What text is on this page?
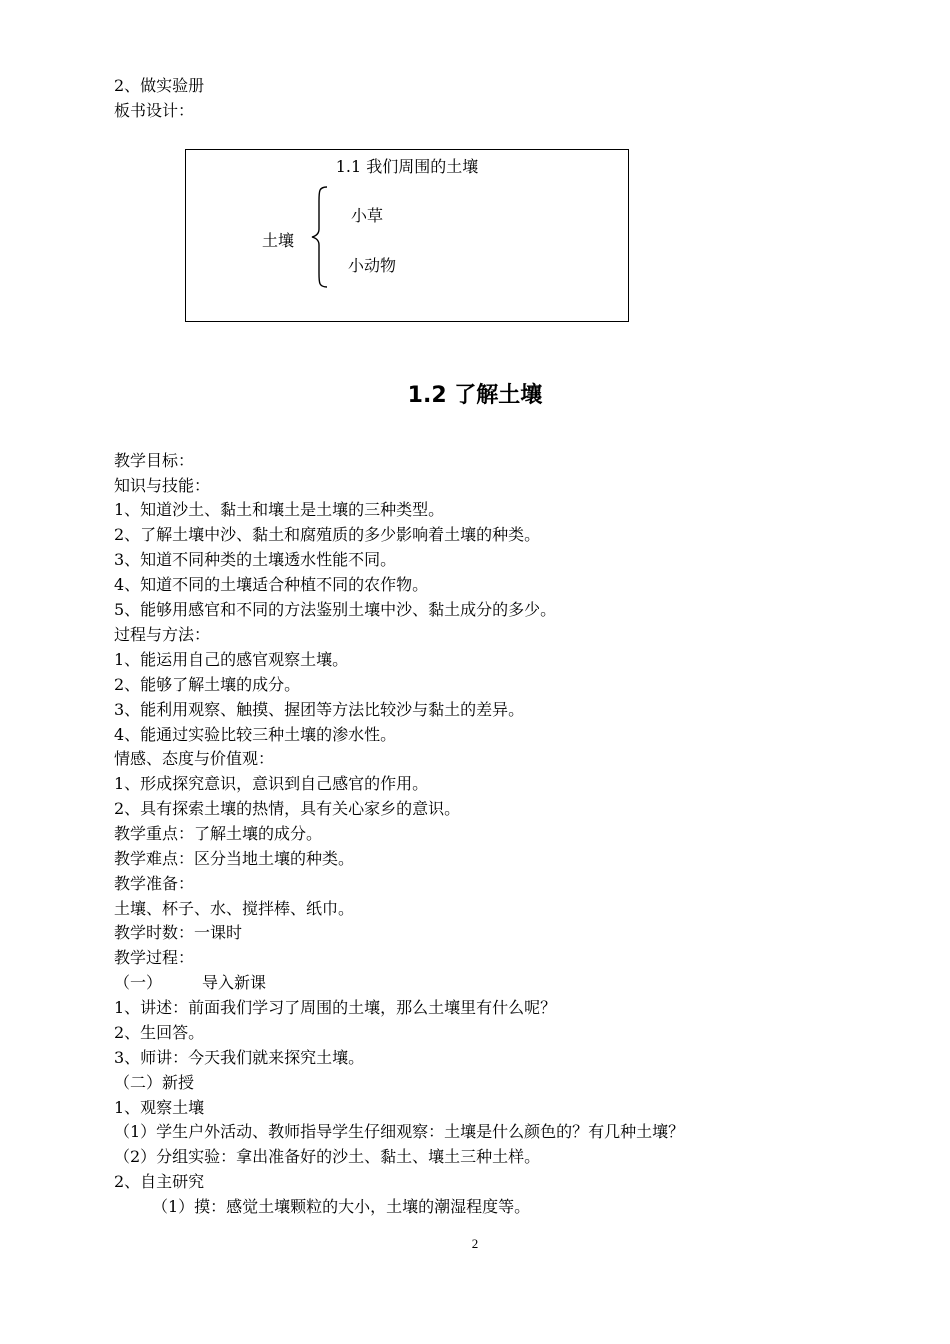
2、做实验册
板书设计：
1.1 我们周围的土壤
土壤
小草
小动物
1.2 了解土壤
教学目标：
知识与技能：
1、知道沙土、黏土和壤土是土壤的三种类型。
2、了解土壤中沙、黏土和腐殖质的多少影响着土壤的种类。
3、知道不同种类的土壤透水性能不同。
4、知道不同的土壤适合种植不同的农作物。
5、能够用感官和不同的方法鉴别土壤中沙、黏土成分的多少。
过程与方法：
1、能运用自己的感官观察土壤。
2、能够了解土壤的成分。
3、能利用观察、触摸、握团等方法比较沙与黏土的差异。
4、能通过实验比较三种土壤的渗水性。
情感、态度与价值观：
1、形成探究意识，意识到自己感官的作用。
2、具有探索土壤的热情，具有关心家乡的意识。
教学重点：了解土壤的成分。
教学难点：区分当地土壤的种类。
教学准备：
土壤、杯子、水、搅拌棒、纸巾。
教学时数：一课时
教学过程：
（一）	导入新课
1、讲述：前面我们学习了周围的土壤，那么土壤里有什么呢？
2、生回答。
3、师讲：今天我们就来探究土壤。
（二）新授
1、观察土壤
（1）学生户外活动、教师指导学生仔细观察：土壤是什么颜色的？有几种土壤？
（2）分组实验：拿出准备好的沙土、黏土、壤土三种土样。
2、自主研究
（1）摸：感觉土壤颗粒的大小，土壤的潮湿程度等。
2
